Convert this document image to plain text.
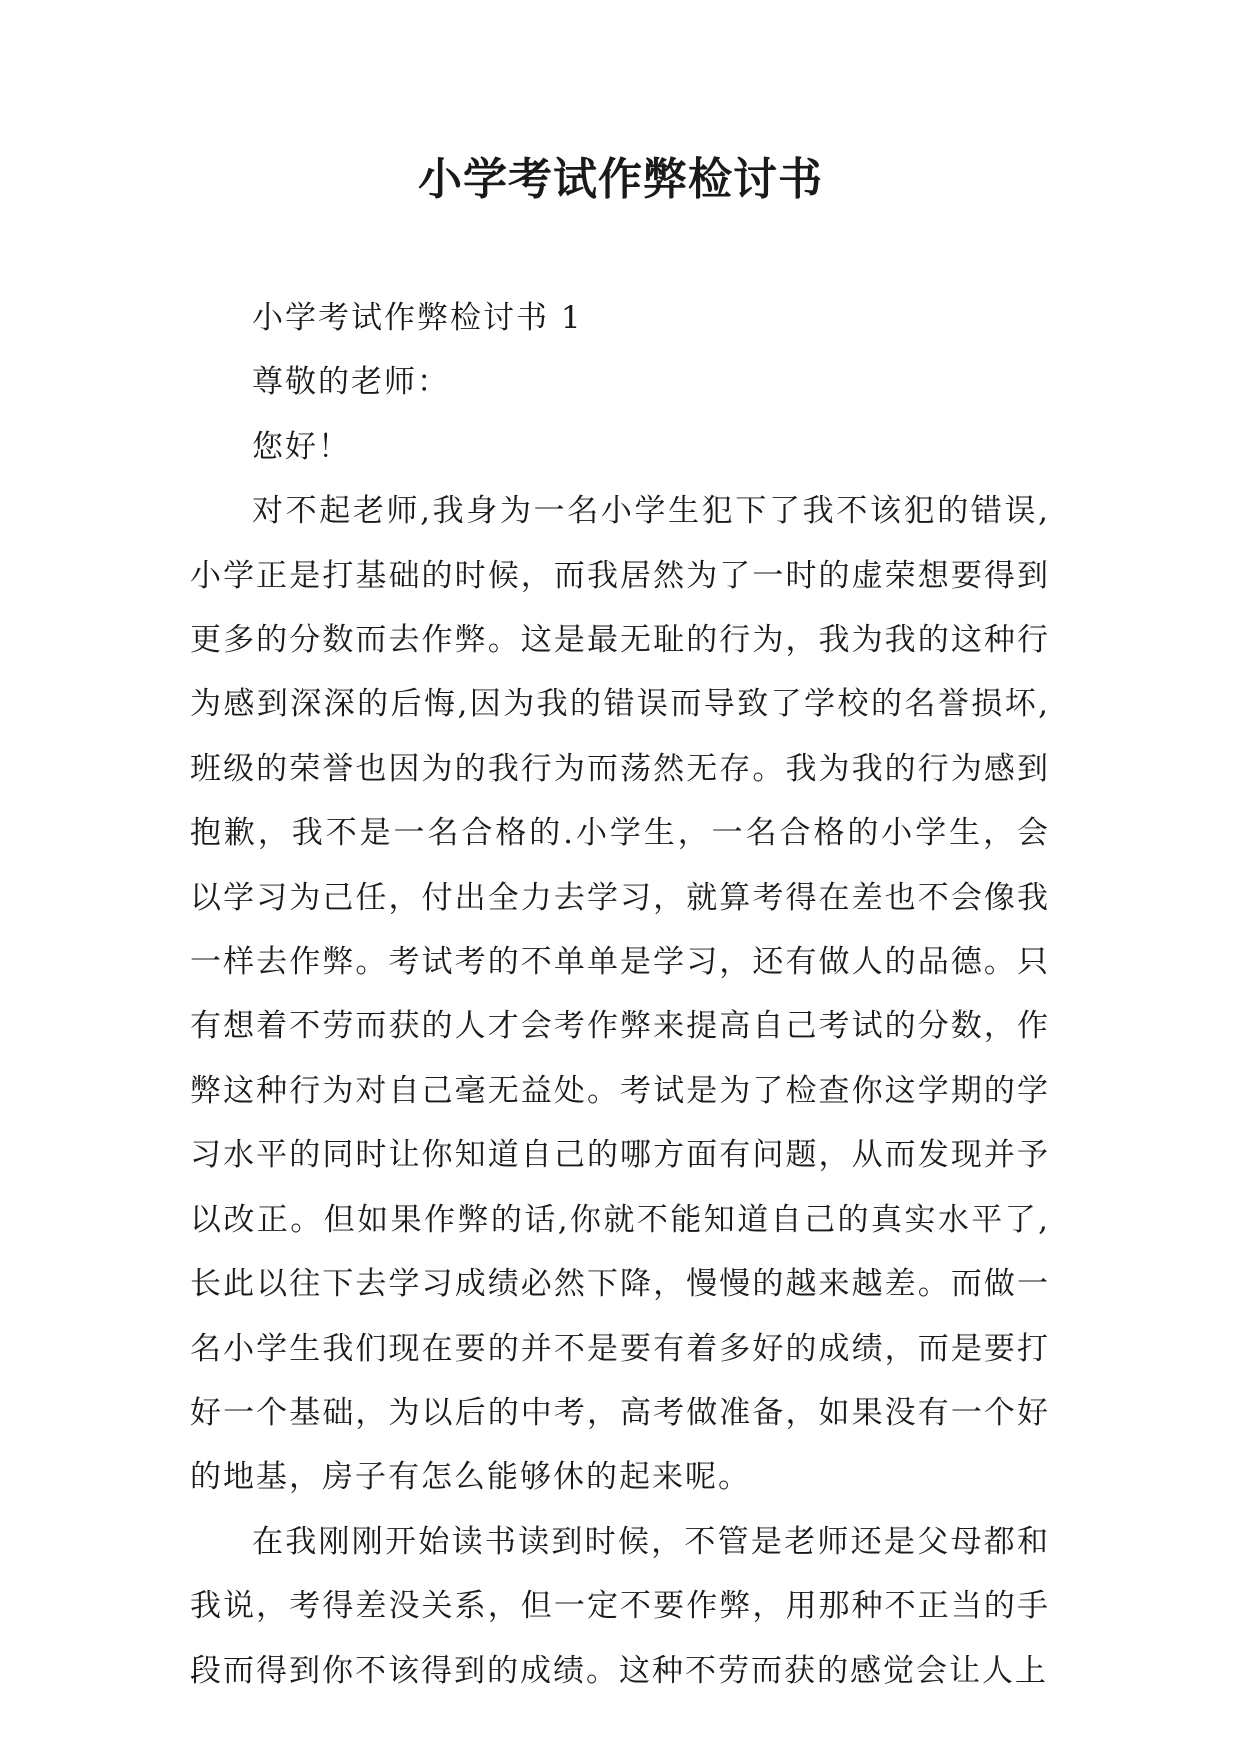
小学考试作弊检讨书

小学考试作弊检讨书 1

尊敬的老师：

您好！

对不起老师,我身为一名小学生犯下了我不该犯的错误,小学正是打基础的时候，而我居然为了一时的虚荣想要得到更多的分数而去作弊。这是最无耻的行为，我为我的这种行为感到深深的后悔,因为我的错误而导致了学校的名誉损坏,班级的荣誉也因为的我行为而荡然无存。我为我的行为感到抱歉，我不是一名合格的.小学生，一名合格的小学生，会以学习为己任，付出全力去学习，就算考得在差也不会像我一样去作弊。考试考的不单单是学习，还有做人的品德。只有想着不劳而获的人才会考作弊来提高自己考试的分数，作弊这种行为对自己毫无益处。考试是为了检查你这学期的学习水平的同时让你知道自己的哪方面有问题，从而发现并予以改正。但如果作弊的话,你就不能知道自己的真实水平了,长此以往下去学习成绩必然下降，慢慢的越来越差。而做一名小学生我们现在要的并不是要有着多好的成绩，而是要打好一个基础，为以后的中考，高考做准备，如果没有一个好的地基，房子有怎么能够休的起来呢。

在我刚刚开始读书读到时候，不管是老师还是父母都和我说，考得差没关系，但一定不要作弊，用那种不正当的手段而得到你不该得到的成绩。这种不劳而获的感觉会让人上
